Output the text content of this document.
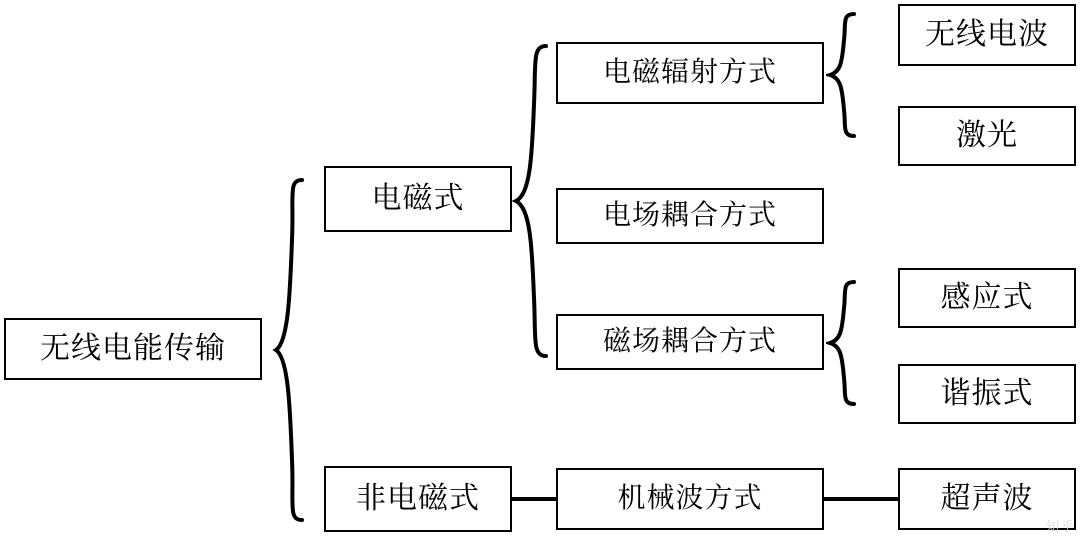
无线电能传输
电磁式
非电磁式
电磁辐射方式
电场耦合方式
磁场耦合方式
机械波方式
无线电波
激光
感应式
谐振式
超声波
知乎
